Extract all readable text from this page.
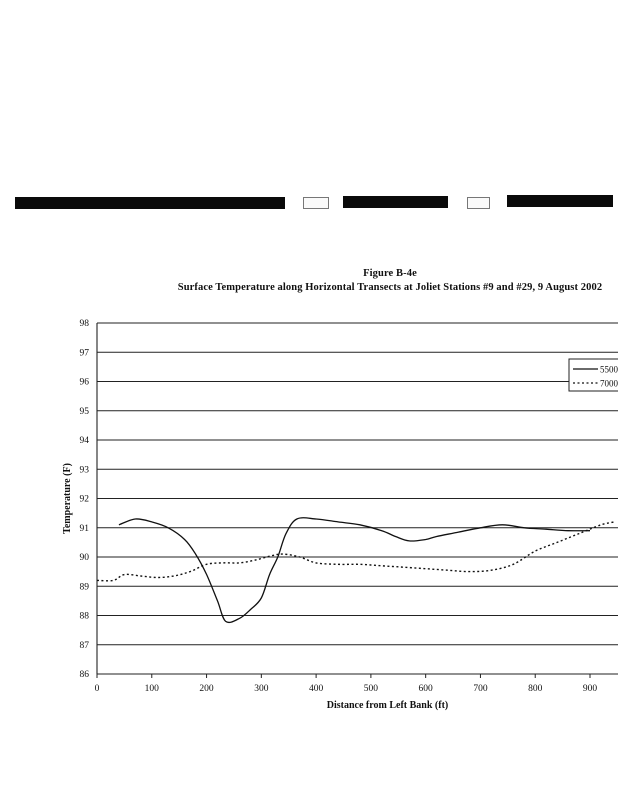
Figure B-4e
Surface Temperature along Horizontal Transects at Joliet Stations #9 and #29, 9 August 2002
5500
7000
86
87
88
89
90
91
92
93
94
95
96
97
98
0	100	200	300	400	500	600	700	800	900
Distance from Left Bank (ft)
Temperature (F)
